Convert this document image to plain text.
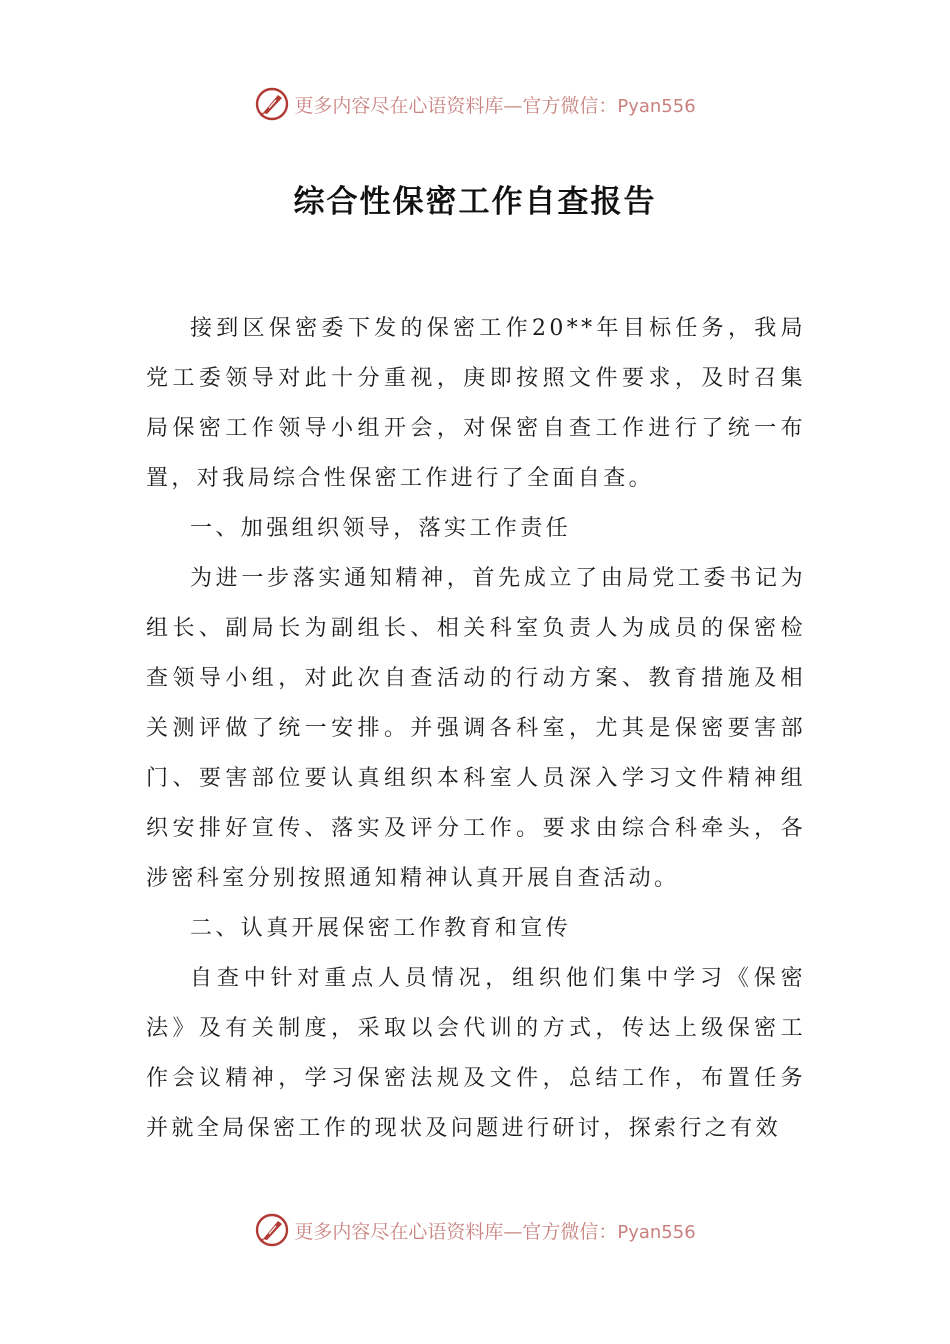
更多内容尽在心语资料库—官方微信：Pyan556
综合性保密工作自查报告

接到区保密委下发的保密工作20**年目标任务，我局党工委领导对此十分重视，庚即按照文件要求，及时召集局保密工作领导小组开会，对保密自查工作进行了统一布置，对我局综合性保密工作进行了全面自查。

一、加强组织领导，落实工作责任

为进一步落实通知精神，首先成立了由局党工委书记为组长、副局长为副组长、相关科室负责人为成员的保密检查领导小组，对此次自查活动的行动方案、教育措施及相关测评做了统一安排。并强调各科室，尤其是保密要害部门、要害部位要认真组织本科室人员深入学习文件精神组织安排好宣传、落实及评分工作。要求由综合科牵头，各涉密科室分别按照通知精神认真开展自查活动。

二、认真开展保密工作教育和宣传

自查中针对重点人员情况，组织他们集中学习《保密法》及有关制度，采取以会代训的方式，传达上级保密工作会议精神，学习保密法规及文件，总结工作，布置任务并就全局保密工作的现状及问题进行研讨，探索行之有效

更多内容尽在心语资料库—官方微信：Pyan556
